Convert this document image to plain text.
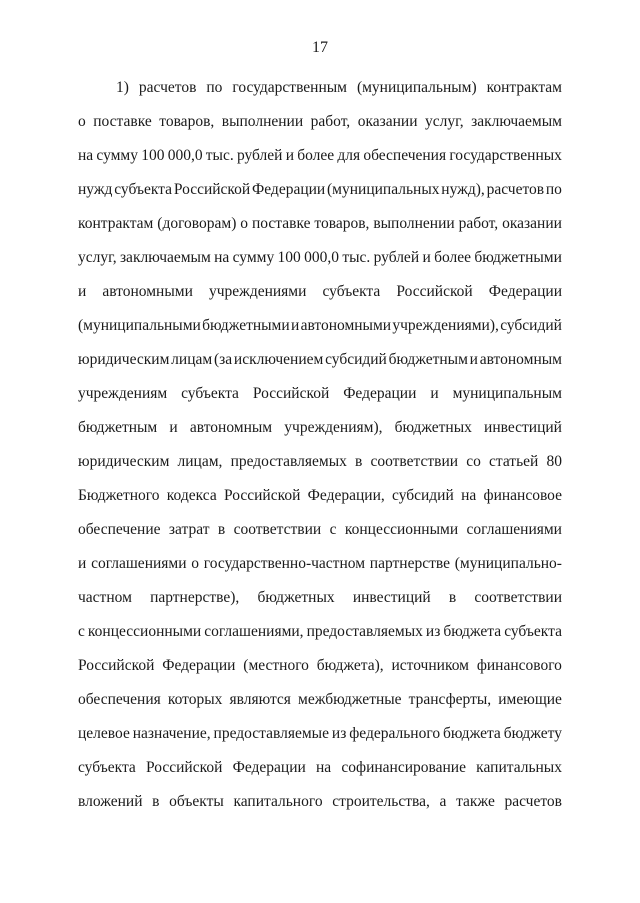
17
1) расчетов по государственным (муниципальным) контрактам
о поставке товаров, выполнении работ, оказании услуг, заключаемым
на сумму 100 000,0 тыс. рублей и более для обеспечения государственных
нужд субъекта Российской Федерации (муниципальных нужд), расчетов по
контрактам (договорам) о поставке товаров, выполнении работ, оказании
услуг, заключаемым на сумму 100 000,0 тыс. рублей и более бюджетными
и автономными учреждениями субъекта Российской Федерации
(муниципальными бюджетными и автономными учреждениями), субсидий
юридическим лицам (за исключением субсидий бюджетным и автономным
учреждениям субъекта Российской Федерации и муниципальным
бюджетным и автономным учреждениям), бюджетных инвестиций
юридическим лицам, предоставляемых в соответствии со статьей 80
Бюджетного кодекса Российской Федерации, субсидий на финансовое
обеспечение затрат в соответствии с концессионными соглашениями
и соглашениями о государственно-частном партнерстве (муниципально-
частном партнерстве), бюджетных инвестиций в соответствии
с концессионными соглашениями, предоставляемых из бюджета субъекта
Российской Федерации (местного бюджета), источником финансового
обеспечения которых являются межбюджетные трансферты, имеющие
целевое назначение, предоставляемые из федерального бюджета бюджету
субъекта Российской Федерации на софинансирование капитальных
вложений в объекты капитального строительства, а также расчетов
